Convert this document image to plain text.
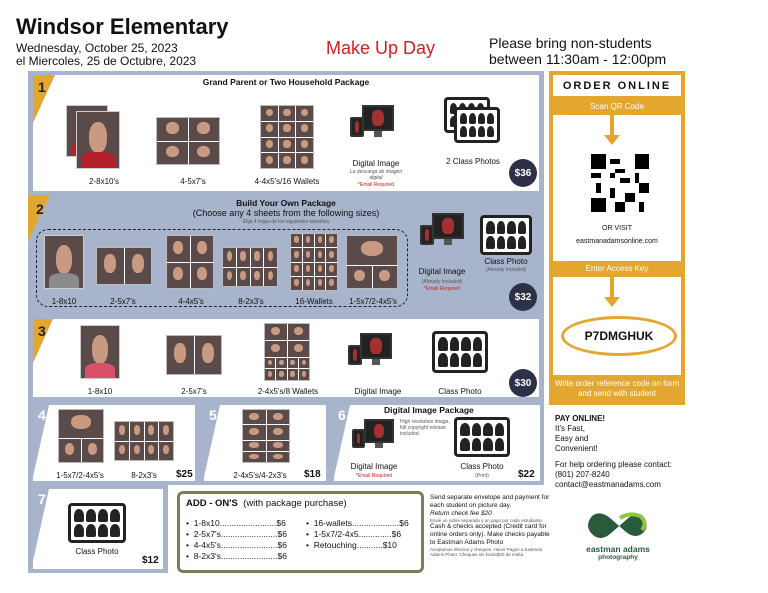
Windsor Elementary
Wednesday, October 25, 2023
el Miercoles, 25 de Octubre, 2023
Make Up Day	Please bring non-students
between 11:30am - 12:00pm
1	Grand Parent or Two Household Package
2-8x10's	4-5x7's	4-4x5's/16 Wallets
Digital Image
La descarga de imagen digital
*Email Required
2 Class Photos
$36
2	Build Your Own Package
(Choose any 4 sheets from the following sizes)
Elija 4 hojas de los siguientes tamaños
1-8x10	2-5x7's	4-4x5's	8-2x3's	16-Wallets	1-5x7/2-4x5's
Digital Image
(Already Included)
*Email Required
Class Photo
(Already Included)
$32
3
1-8x10	2-5x7's	2-4x5's/8 Wallets	Digital Image	Class Photo
$30
4
1-5x7/2-4x5's	8-2x3's	$25
5
2-4x5's/4-2x3's	$18
6	Digital Image Package
High resolution image, full copyright release included.
Digital Image
*Email Required
Class Photo
(Print)	$22
7
Class Photo
$12
ADD - ON'S (with package purchase)
•  1-8x10........................$6
•  2-5x7's........................$6
•  4-4x5's........................$6
•  8-2x3's........................$6
•  16-wallets....................$6
•  1-5x7/2-4x5..............$6
•  Retouching...........$10
Send separate envelope and payment for each student on picture day.
Return check fee $20
Envie un sobre separado y un pago por cada estudiante.
Cash & checks accepted (Credit card for online orders only). Make checks payable to Eastman Adams Photo
Aceptamos efectivo y cheques. Hacer Pagos a Eastman Adams Photo. Cheques sin fondo$20 de multa
ORDER ONLINE
Scan QR Code
OR VISIT
eastmanadamsonline.com
Enter Access Key
P7DMGHUK
Write order reference code on form and send with student
PAY ONLINE!
It's Fast,
Easy and
Convenient!
For help ordering please contact:
(801) 207-8240
contact@eastmanadams.com
eastman adams
photography
